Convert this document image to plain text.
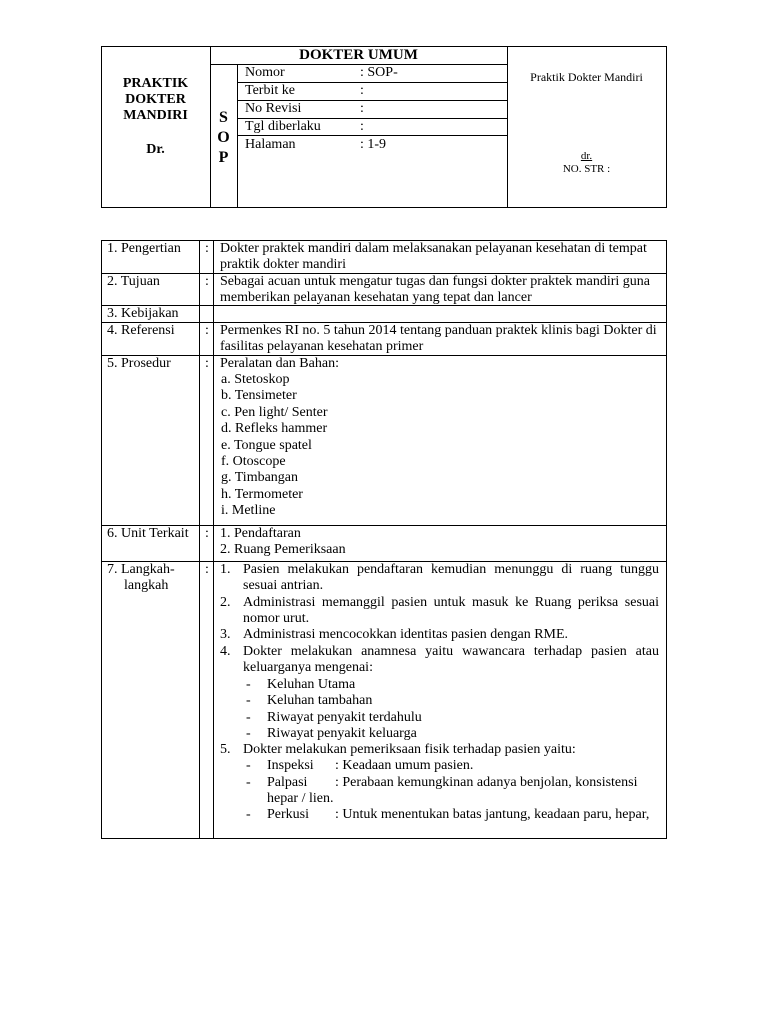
PRAKTIK
DOKTER
MANDIRI
Dr.
S
O
P
DOKTER UMUM
Nomor	: SOP-
Terbit ke	:
No Revisi	:
Tgl diberlaku	:
Halaman	: 1-9
Praktik Dokter Mandiri
dr.
NO. STR :
1. Pengertian : Dokter praktek mandiri dalam melaksanakan pelayanan kesehatan di tempat
praktik dokter mandiri
2. Tujuan	: Sebagai acuan untuk mengatur tugas dan fungsi dokter praktek mandiri guna
memberikan pelayanan kesehatan yang tepat dan lancer
3. Kebijakan
4. Referensi : Permenkes RI no. 5 tahun 2014 tentang panduan praktek klinis bagi Dokter di
fasilitas pelayanan kesehatan primer
5. Prosedur : Peralatan dan Bahan:
a. Stetoskop
b. Tensimeter
c. Pen light/ Senter
d. Refleks hammer
e. Tongue spatel
f. Otoscope
g. Timbangan
h. Termometer
i. Metline
6. Unit Terkait : 1. Pendaftaran
2. Ruang Pemeriksaan
7. Langkah-
langkah
: 1. Pasien melakukan pendaftaran kemudian menunggu di ruang tunggu
sesuai antrian.
2. Administrasi memanggil pasien untuk masuk ke Ruang periksa sesuai
nomor urut.
3. Administrasi mencocokkan identitas pasien dengan RME.
4. Dokter melakukan anamnesa yaitu wawancara terhadap pasien atau
keluarganya mengenai:
- Keluhan Utama
- Keluhan tambahan
- Riwayat penyakit terdahulu
- Riwayat penyakit keluarga
5. Dokter melakukan pemeriksaan fisik terhadap pasien yaitu:
- Inspeksi : Keadaan umum pasien.
- Palpasi : Perabaan kemungkinan adanya benjolan, konsistensi
hepar / lien.
- Perkusi : Untuk menentukan batas jantung, keadaan paru, hepar,
